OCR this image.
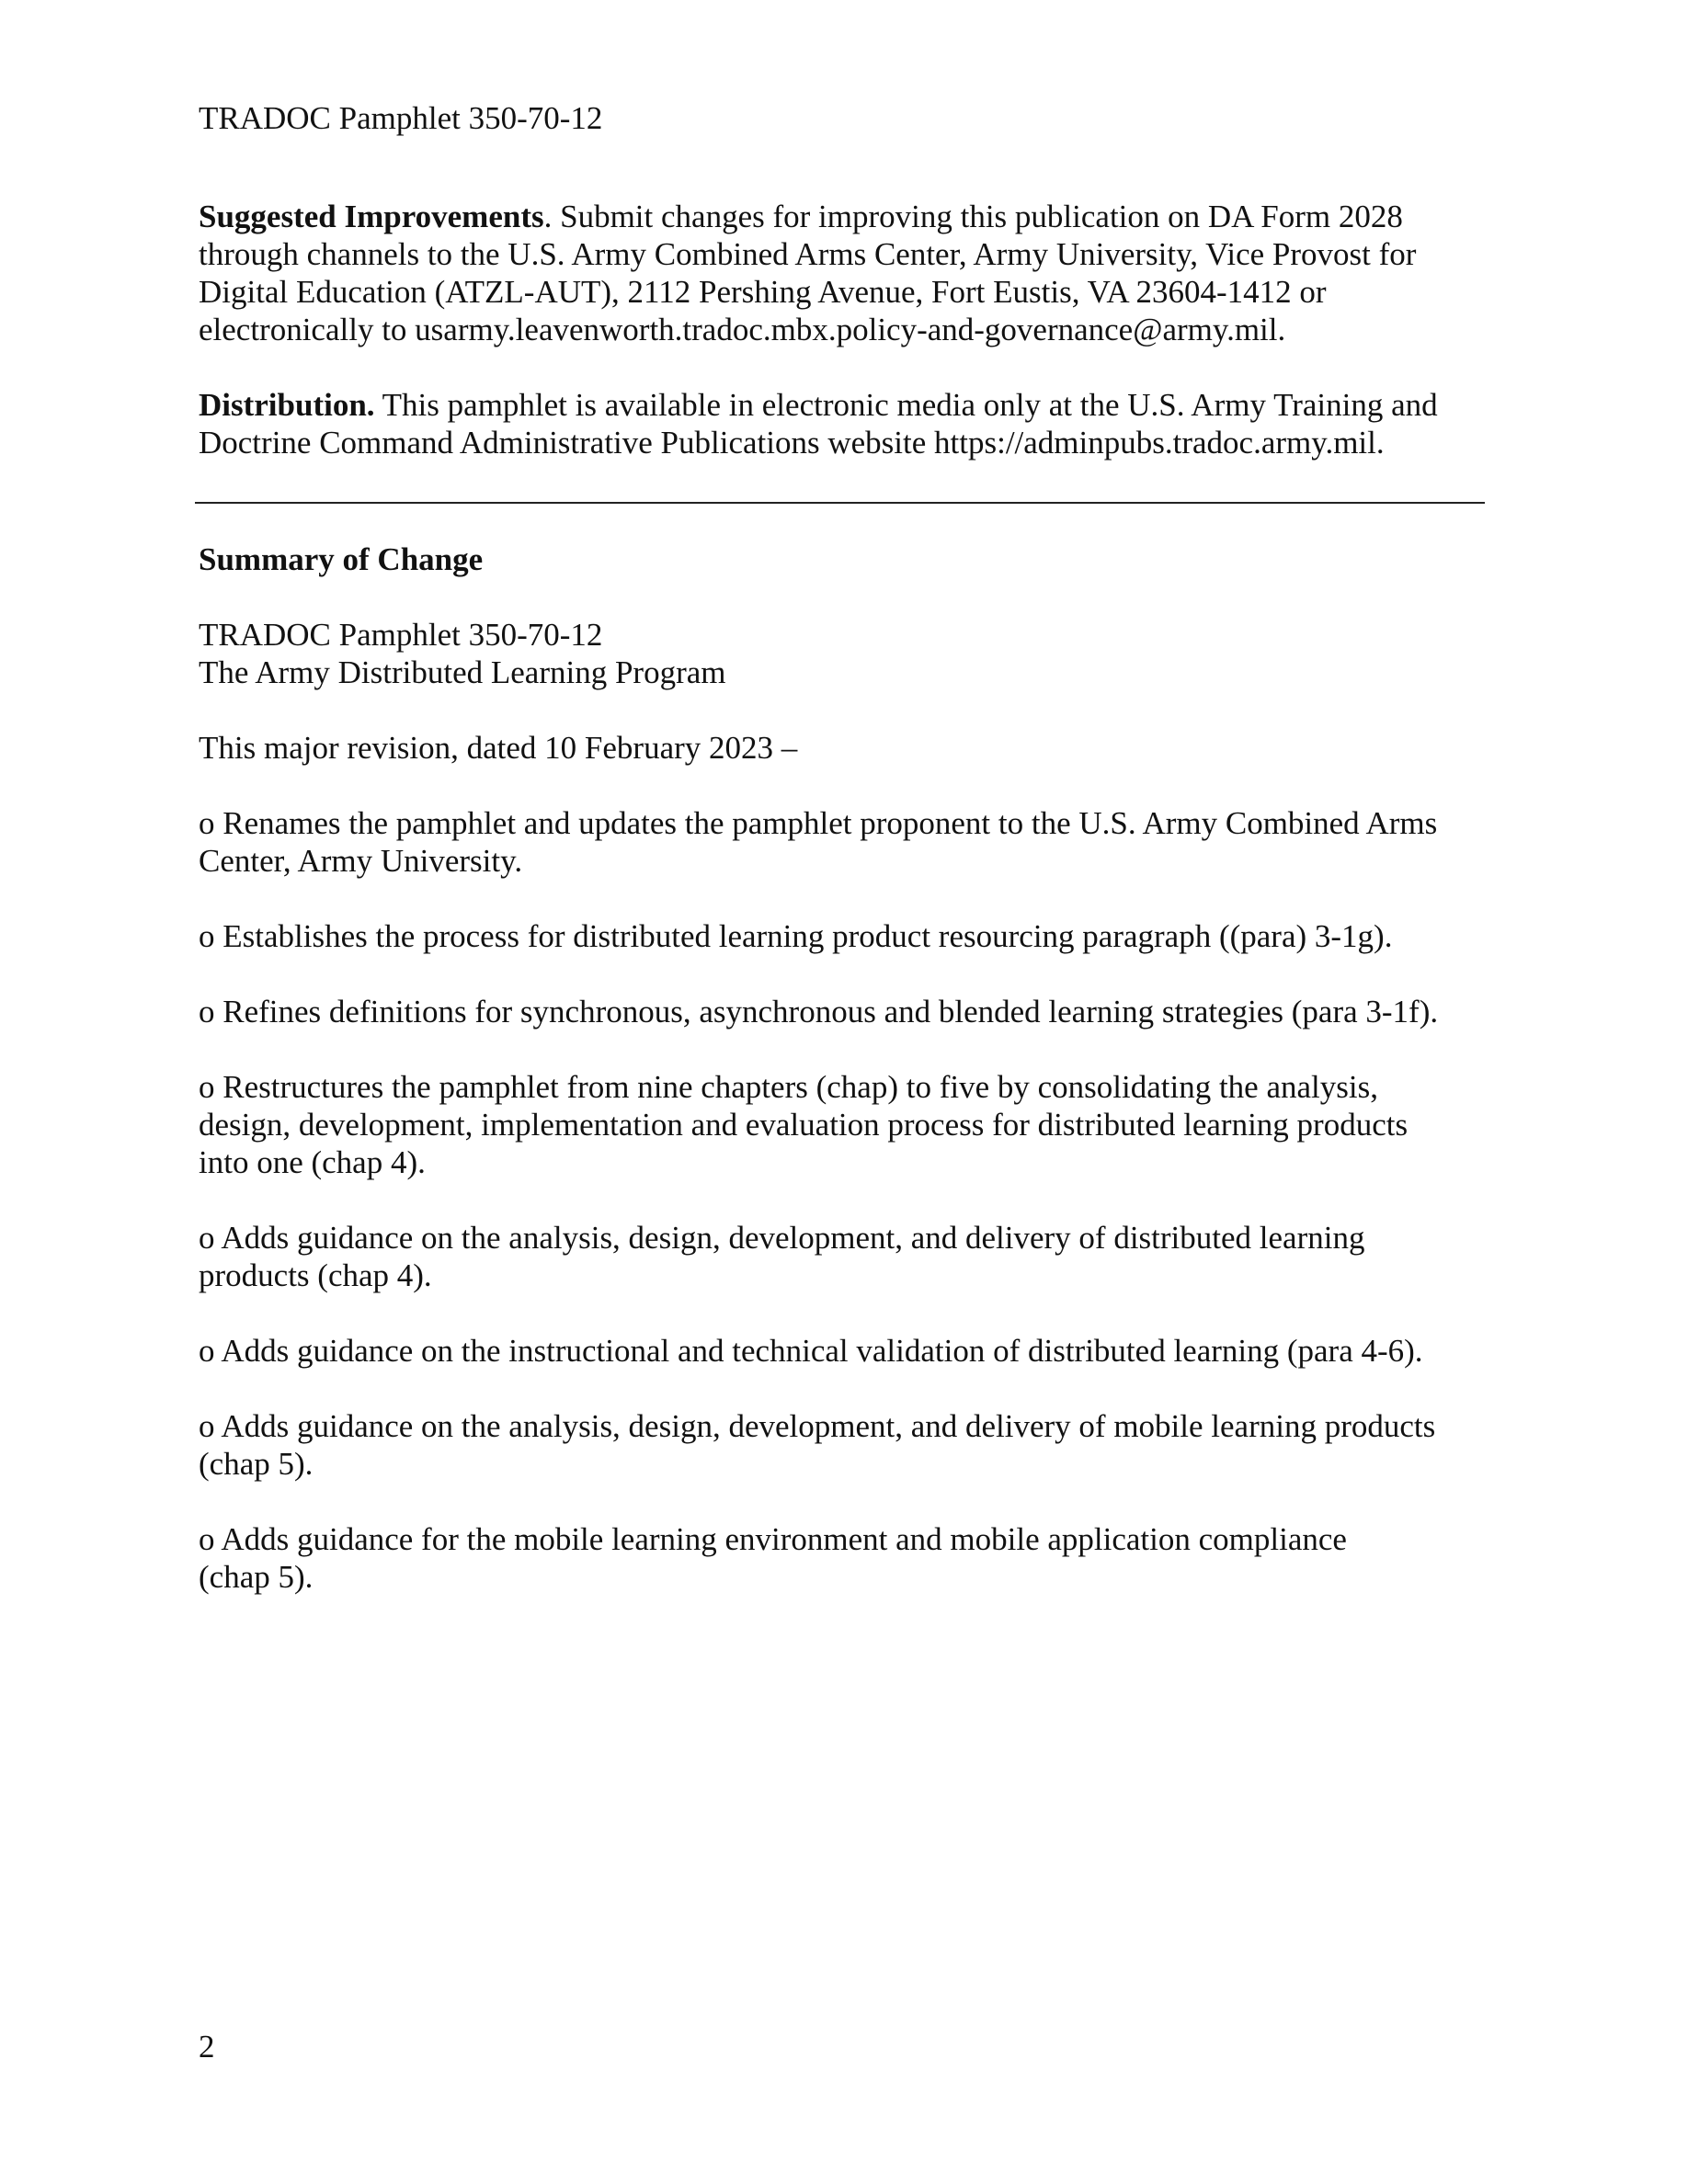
TRADOC Pamphlet 350-70-12

Suggested Improvements. Submit changes for improving this publication on DA Form 2028
through channels to the U.S. Army Combined Arms Center, Army University, Vice Provost for
Digital Education (ATZL-AUT), 2112 Pershing Avenue, Fort Eustis, VA 23604-1412 or
electronically to usarmy.leavenworth.tradoc.mbx.policy-and-governance@army.mil.
Distribution. This pamphlet is available in electronic media only at the U.S. Army Training and
Doctrine Command Administrative Publications website https://adminpubs.tradoc.army.mil.

Summary of Change

TRADOC Pamphlet 350-70-12

The Army Distributed Learning Program

This major revision, dated 10 February 2023 –

o Renames the pamphlet and updates the pamphlet proponent to the U.S. Army Combined Arms
Center, Army University.
o Establishes the process for distributed learning product resourcing paragraph ((para) 3-1g).
o Refines definitions for synchronous, asynchronous and blended learning strategies (para 3-1f).
o Restructures the pamphlet from nine chapters (chap) to five by consolidating the analysis,
design, development, implementation and evaluation process for distributed learning products
into one (chap 4).
o Adds guidance on the analysis, design, development, and delivery of distributed learning
products (chap 4).
o Adds guidance on the instructional and technical validation of distributed learning (para 4-6).
o Adds guidance on the analysis, design, development, and delivery of mobile learning products
(chap 5).
o Adds guidance for the mobile learning environment and mobile application compliance
(chap 5).

2
